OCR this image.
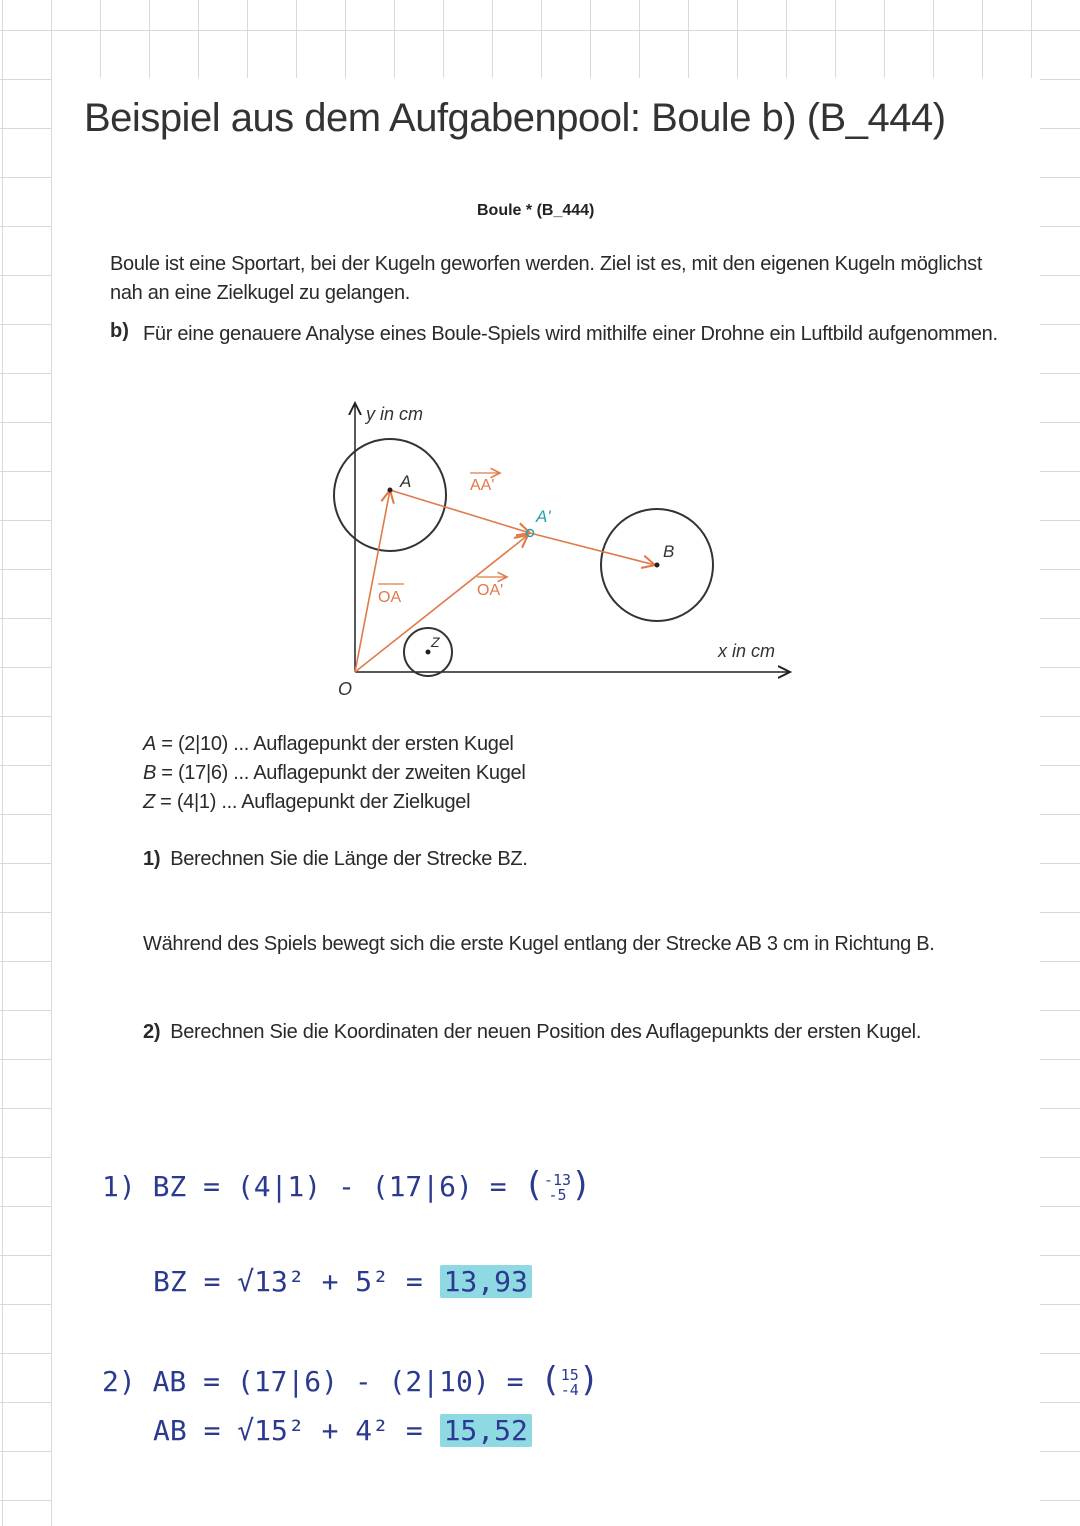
Beispiel aus dem Aufgabenpool: Boule b) (B_444)
Boule * (B_444)
Boule ist eine Sportart, bei der Kugeln geworfen werden. Ziel ist es, mit den eigenen Kugeln möglichst nah an eine Zielkugel zu gelangen.
b) Für eine genauere Analyse eines Boule-Spiels wird mithilfe einer Drohne ein Luftbild aufgenommen.
y in cm
x in cm
O
A
A'
B
Z
AA'
OA	OA'
A = (2|10) ... Auflagepunkt der ersten Kugel
B = (17|6) ... Auflagepunkt der zweiten Kugel
Z = (4|1) ... Auflagepunkt der Zielkugel
1) Berechnen Sie die Länge der Strecke BZ.
Während des Spiels bewegt sich die erste Kugel entlang der Strecke AB 3 cm in Richtung B.
2) Berechnen Sie die Koordinaten der neuen Position des Auflagepunkts der ersten Kugel.
1) BZ = (4|1) - (17|6) = (-13
-5 )
BZ = √13² + 5² = 13,93
2) AB = (17|6) - (2|10) = (15
-4)
AB = √15² + 4² = 15,52
